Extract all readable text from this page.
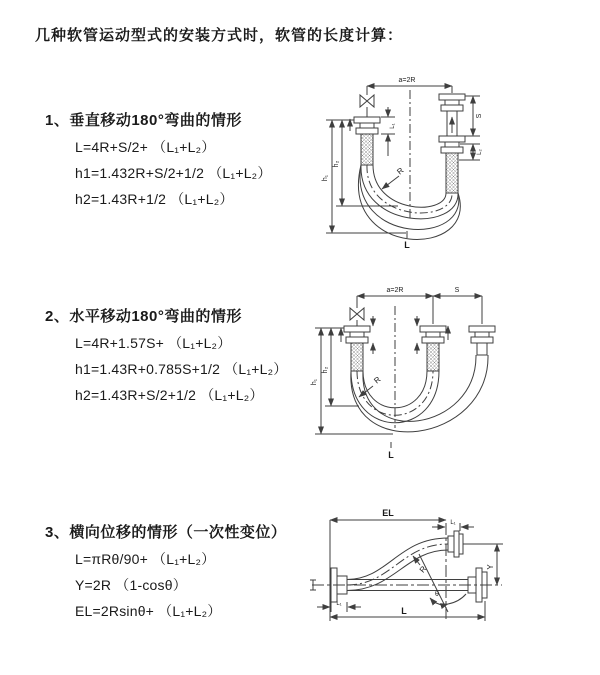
几种软管运动型式的安装方式时，软管的长度计算：
1、垂直移动180°弯曲的情形
L=4R+S/2+ （L₁+L₂）
h1=1.432R+S/2+1/2 （L₁+L₂）
h2=1.43R+1/2 （L₁+L₂）
2、水平移动180°弯曲的情形
L=4R+1.57S+ （L₁+L₂）
h1=1.43R+0.785S+1/2 （L₁+L₂）
h2=1.43R+S/2+1/2 （L₁+L₂）
3、横向位移的情形（一次性变位）
L=πRθ/90+ （L₁+L₂）
Y=2R （1-cosθ）
EL=2Rsinθ+ （L₁+L₂）
a=2R
h₁
h₂
L₁
S
L₂
R
L
a=2R	S
h₁
h₂
R
L
EL
L₁
Y
L
L₁
R
θ
